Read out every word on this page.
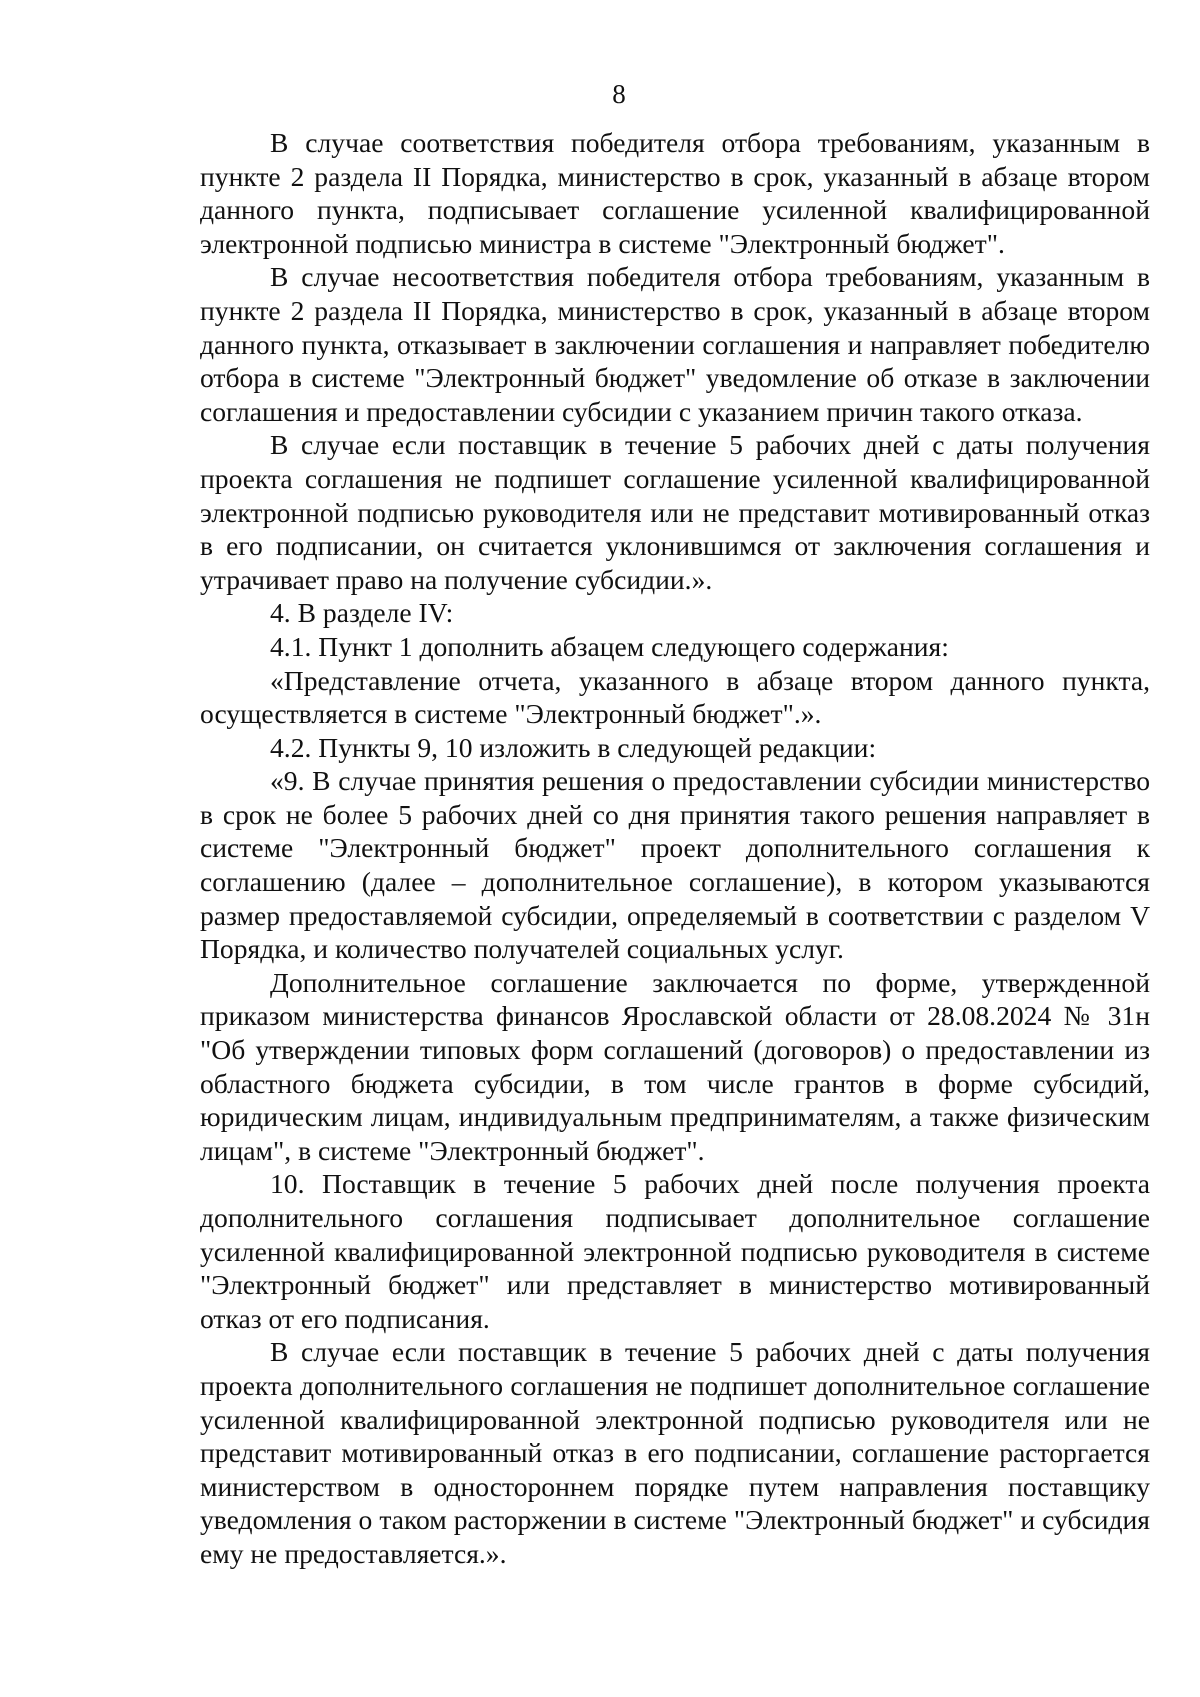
8

В случае соответствия победителя отбора требованиям, указанным в пункте 2 раздела II Порядка, министерство в срок, указанный в абзаце втором данного пункта, подписывает соглашение усиленной квалифицированной электронной подписью министра в системе "Электронный бюджет".

В случае несоответствия победителя отбора требованиям, указанным в пункте 2 раздела II Порядка, министерство в срок, указанный в абзаце втором данного пункта, отказывает в заключении соглашения и направляет победителю отбора в системе "Электронный бюджет" уведомление об отказе в заключении соглашения и предоставлении субсидии с указанием причин такого отказа.

В случае если поставщик в течение 5 рабочих дней с даты получения проекта соглашения не подпишет соглашение усиленной квалифицированной электронной подписью руководителя или не представит мотивированный отказ в его подписании, он считается уклонившимся от заключения соглашения и утрачивает право на получение субсидии.».

4. В разделе IV:

4.1. Пункт 1 дополнить абзацем следующего содержания:

«Представление отчета, указанного в абзаце втором данного пункта, осуществляется в системе "Электронный бюджет".».

4.2. Пункты 9, 10 изложить в следующей редакции:

«9. В случае принятия решения о предоставлении субсидии министерство в срок не более 5 рабочих дней со дня принятия такого решения направляет в системе "Электронный бюджет" проект дополнительного соглашения к соглашению (далее – дополнительное соглашение), в котором указываются размер предоставляемой субсидии, определяемый в соответствии с разделом V Порядка, и количество получателей социальных услуг.

Дополнительное соглашение заключается по форме, утвержденной приказом министерства финансов Ярославской области от 28.08.2024 № 31н "Об утверждении типовых форм соглашений (договоров) о предоставлении из областного бюджета субсидии, в том числе грантов в форме субсидий, юридическим лицам, индивидуальным предпринимателям, а также физическим лицам", в системе "Электронный бюджет".

10. Поставщик в течение 5 рабочих дней после получения проекта дополнительного соглашения подписывает дополнительное соглашение усиленной квалифицированной электронной подписью руководителя в системе "Электронный бюджет" или представляет в министерство мотивированный отказ от его подписания.

В случае если поставщик в течение 5 рабочих дней с даты получения проекта дополнительного соглашения не подпишет дополнительное соглашение усиленной квалифицированной электронной подписью руководителя или не представит мотивированный отказ в его подписании, соглашение расторгается министерством в одностороннем порядке путем направления поставщику уведомления о таком расторжении в системе "Электронный бюджет" и субсидия ему не предоставляется.».
